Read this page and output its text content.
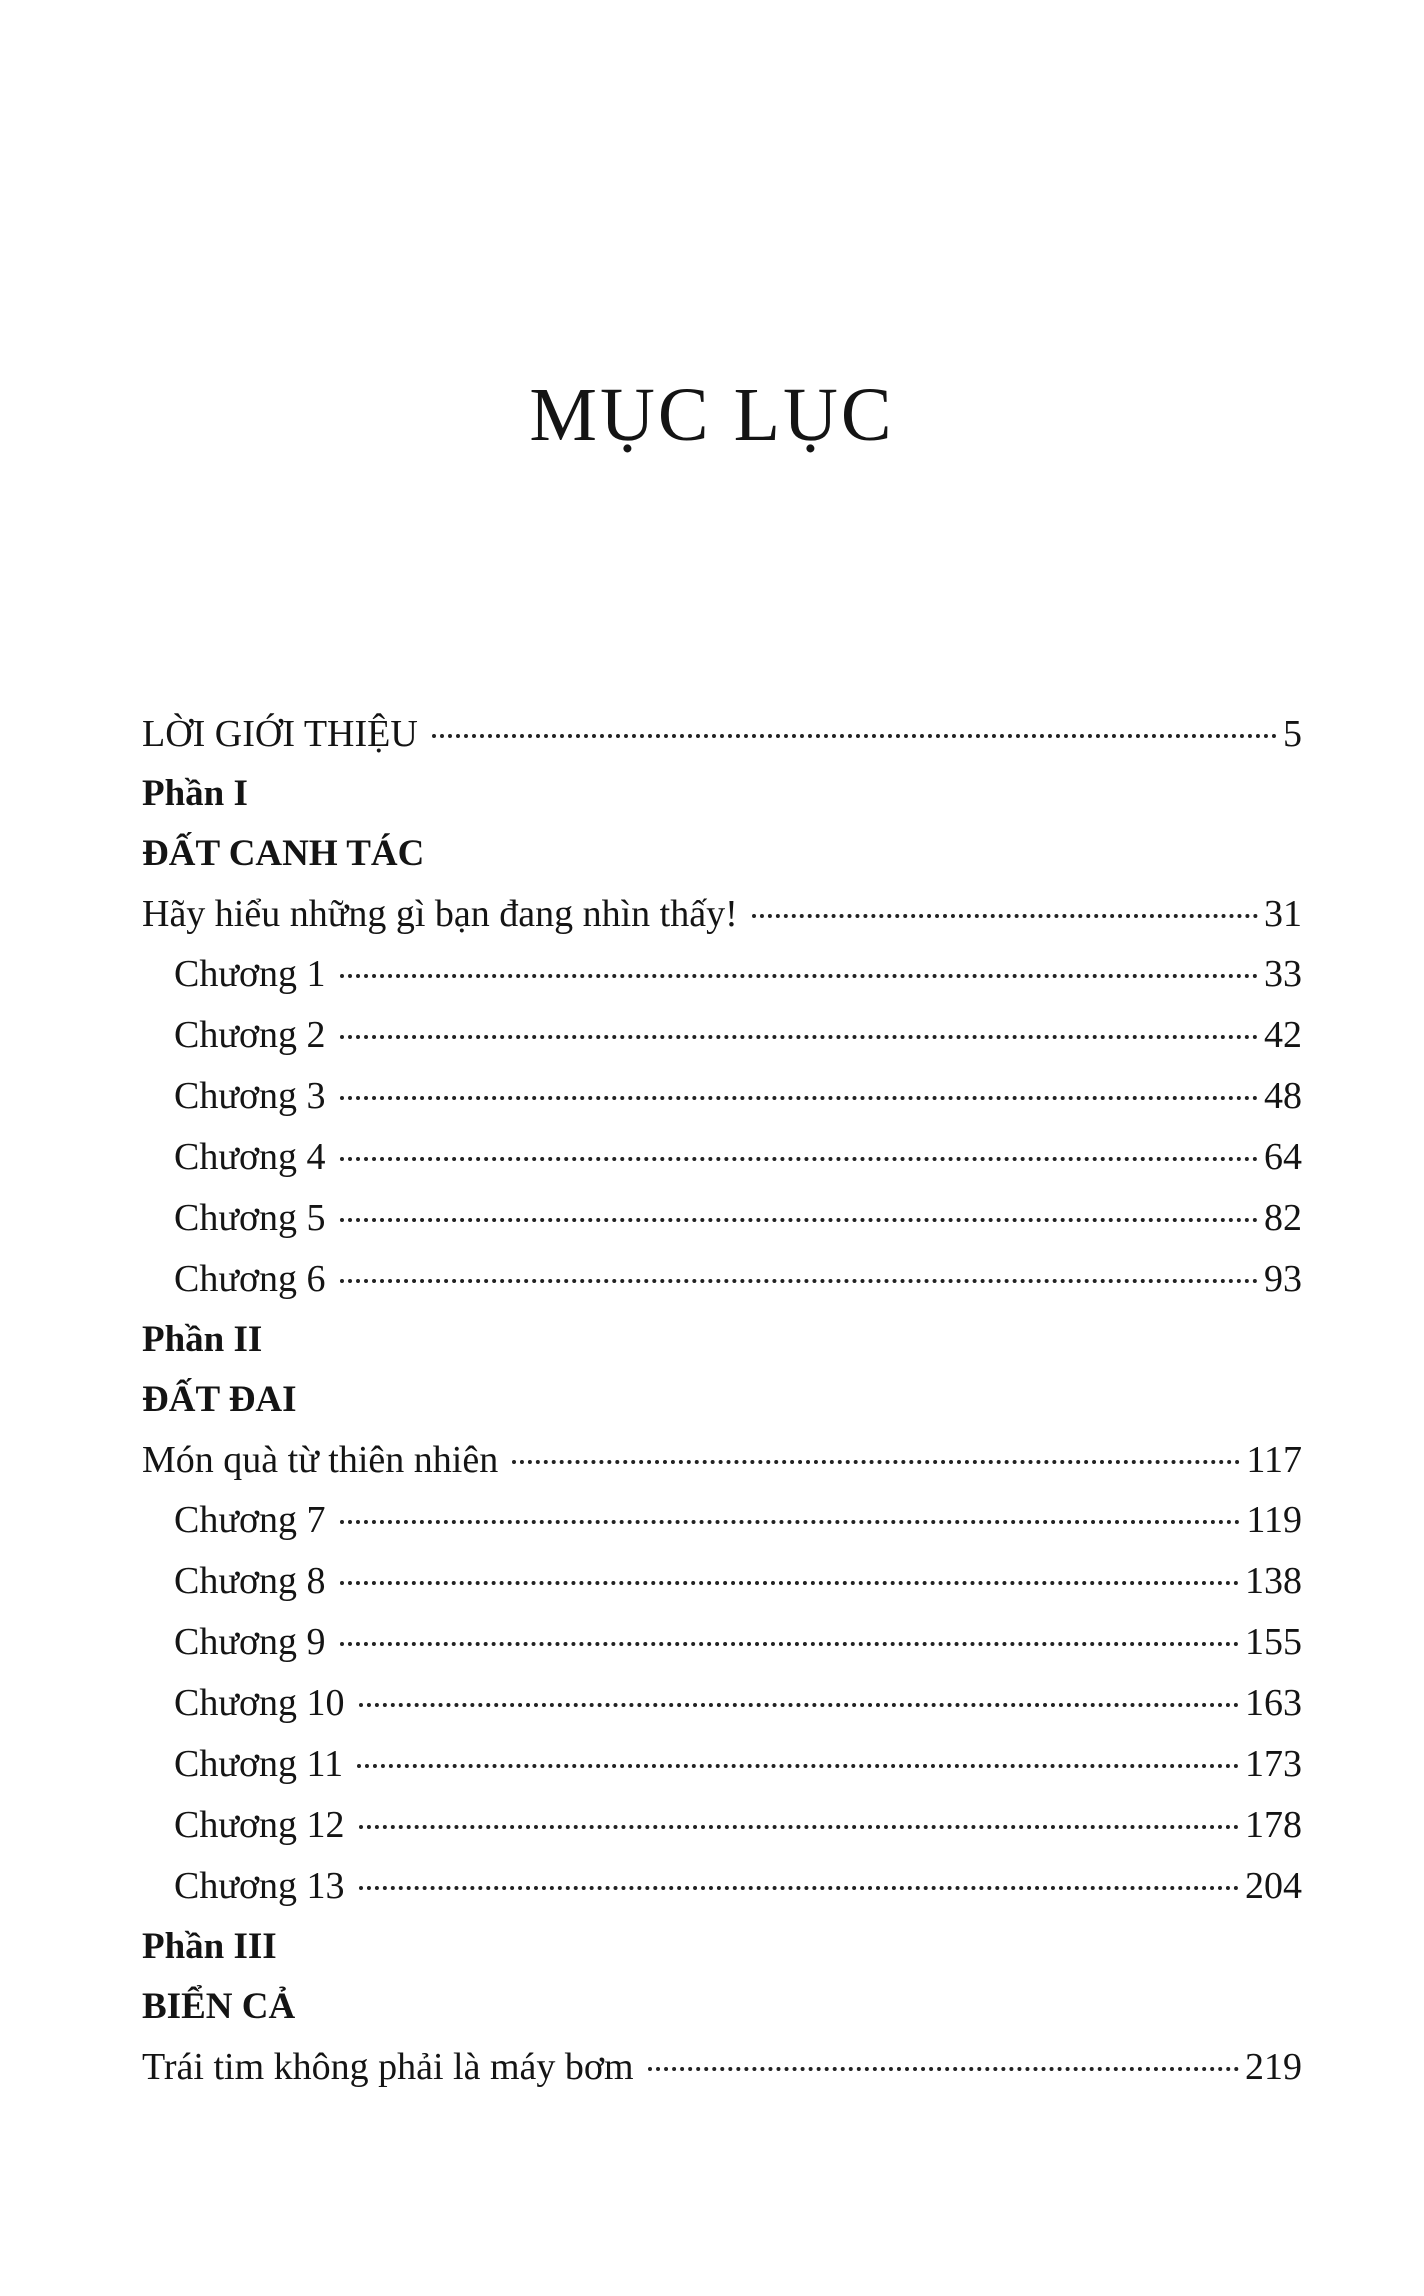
MỤC LỤC
LỜI GIỚI THIỆU	5
Phần I
ĐẤT CANH TÁC
Hãy hiểu những gì bạn đang nhìn thấy!	31
Chương 1	33
Chương 2	42
Chương 3	48
Chương 4	64
Chương 5	82
Chương 6	93
Phần II
ĐẤT ĐAI
Món quà từ thiên nhiên	117
Chương 7	119
Chương 8	138
Chương 9	155
Chương 10	163
Chương 11	173
Chương 12	178
Chương 13	204
Phần III
BIỂN CẢ
Trái tim không phải là máy bơm	219
